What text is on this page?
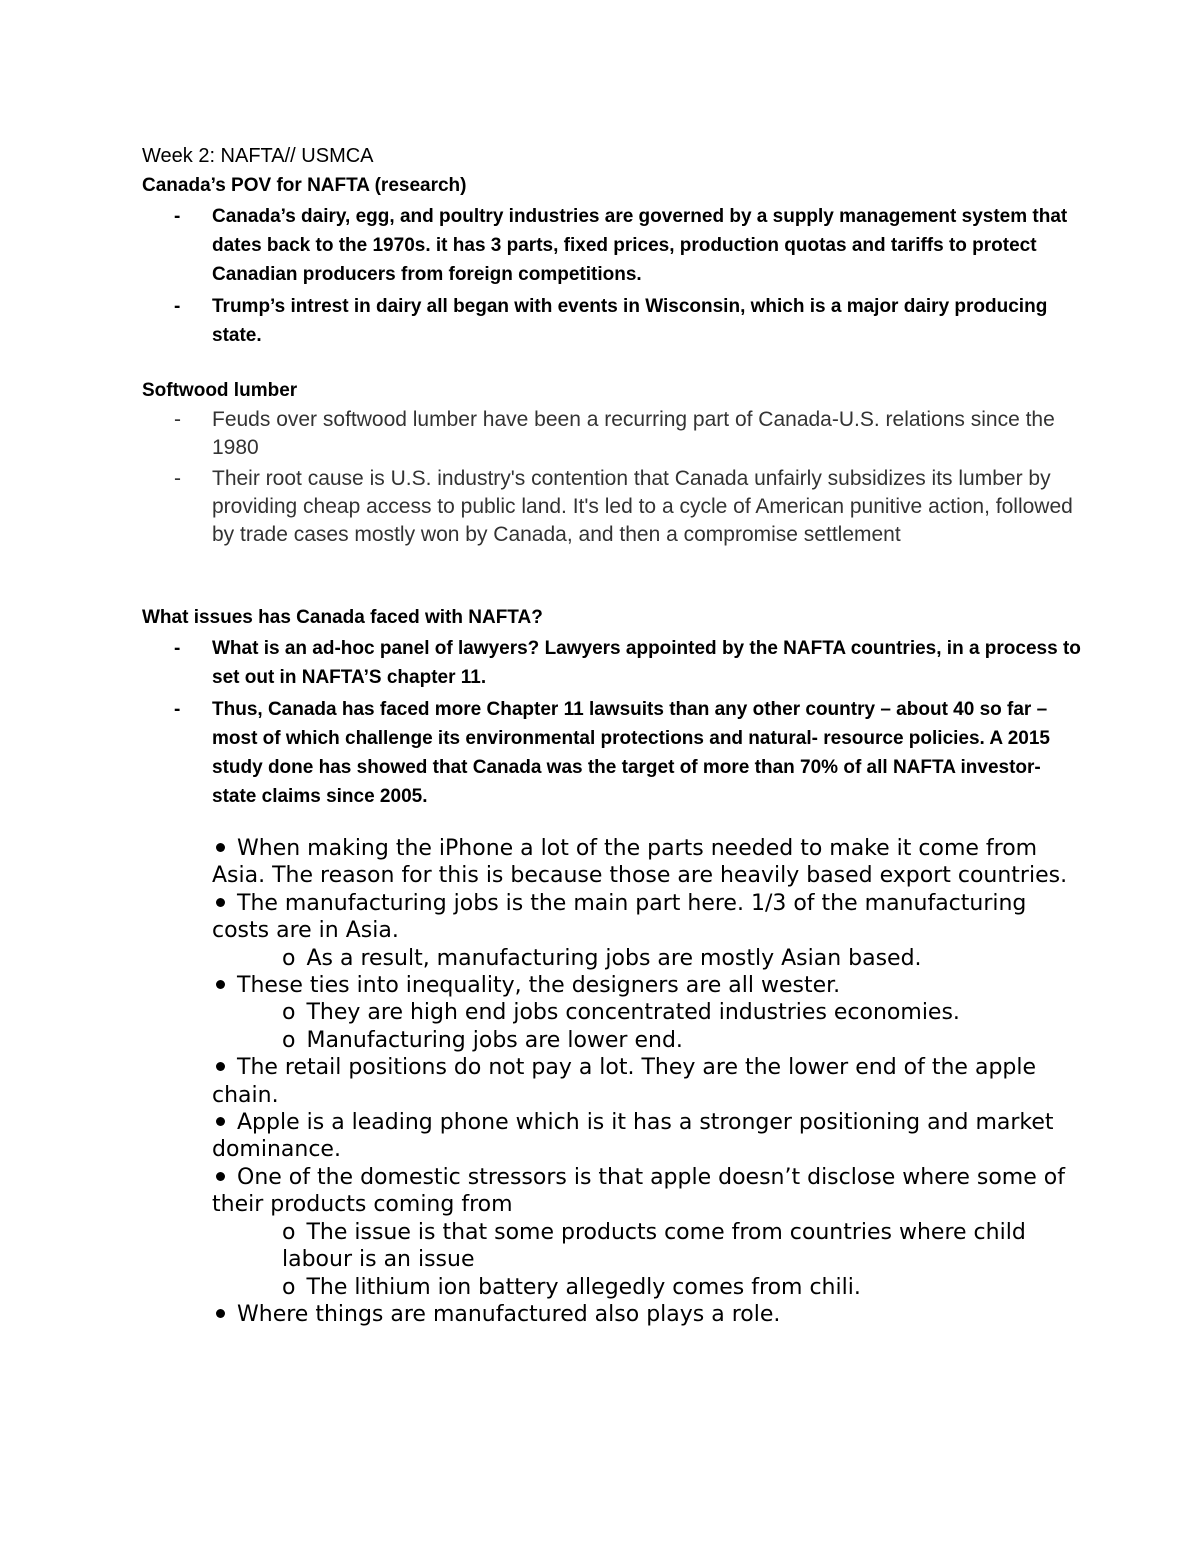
Week 2: NAFTA// USMCA
Canada’s POV for NAFTA (research)
- Canada’s dairy, egg, and poultry industries are governed by a supply management system that dates back to the 1970s. it has 3 parts, fixed prices, production quotas and tariffs to protect Canadian producers from foreign competitions.
- Trump’s intrest in dairy all began with events in Wisconsin, which is a major dairy producing state.
Softwood lumber
- Feuds over softwood lumber have been a recurring part of Canada-U.S. relations since the 1980
- Their root cause is U.S. industry's contention that Canada unfairly subsidizes its lumber by providing cheap access to public land. It's led to a cycle of American punitive action, followed by trade cases mostly won by Canada, and then a compromise settlement
What issues has Canada faced with NAFTA?
- What is an ad-hoc panel of lawyers? Lawyers appointed by the NAFTA countries, in a process to set out in NAFTA’S chapter 11.
- Thus, Canada has faced more Chapter 11 lawsuits than any other country – about 40 so far – most of which challenge its environmental protections and natural- resource policies. A 2015 study done has showed that Canada was the target of more than 70% of all NAFTA investor-state claims since 2005.
When making the iPhone a lot of the parts needed to make it come from Asia. The reason for this is because those are heavily based export countries.
The manufacturing jobs is the main part here. 1/3 of the manufacturing costs are in Asia.
o As a result, manufacturing jobs are mostly Asian based.
These ties into inequality, the designers are all wester.
o They are high end jobs concentrated industries economies.
o Manufacturing jobs are lower end.
The retail positions do not pay a lot. They are the lower end of the apple chain.
Apple is a leading phone which is it has a stronger positioning and market dominance.
One of the domestic stressors is that apple doesn’t disclose where some of their products coming from
o The issue is that some products come from countries where child labour is an issue
o The lithium ion battery allegedly comes from chili.
Where things are manufactured also plays a role.
